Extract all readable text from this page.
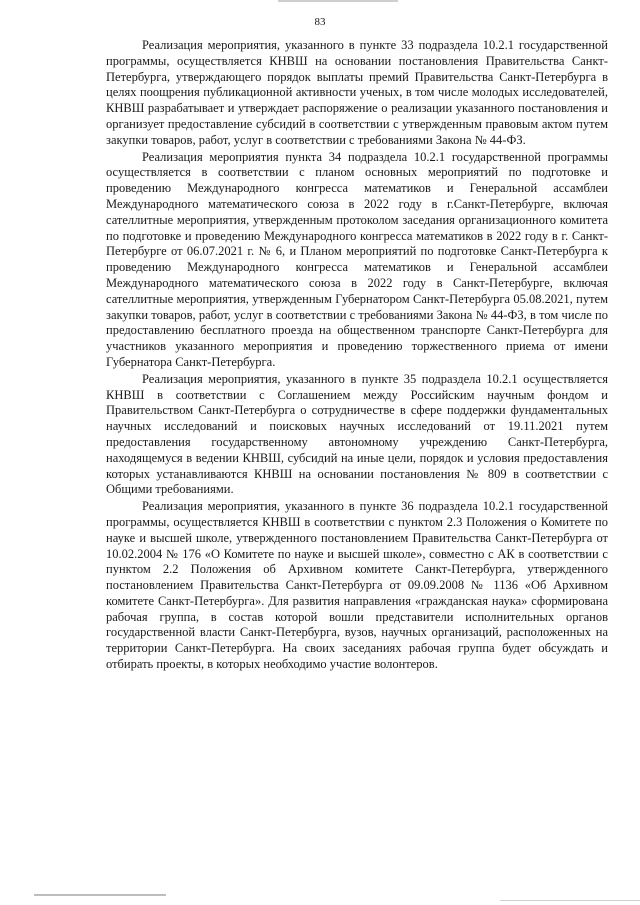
83

Реализация мероприятия, указанного в пункте 33 подраздела 10.2.1 государственной программы, осуществляется КНВШ на основании постановления Правительства Санкт-Петербурга, утверждающего порядок выплаты премий Правительства Санкт-Петербурга в целях поощрения публикационной активности ученых, в том числе молодых исследователей, КНВШ разрабатывает и утверждает распоряжение о реализации указанного постановления и организует предоставление субсидий в соответствии с утвержденным правовым актом путем закупки товаров, работ, услуг в соответствии с требованиями Закона № 44-ФЗ.

Реализация мероприятия пункта 34 подраздела 10.2.1 государственной программы осуществляется в соответствии с планом основных мероприятий по подготовке и проведению Международного конгресса математиков и Генеральной ассамблеи Международного математического союза в 2022 году в г.Санкт-Петербурге, включая сателлитные мероприятия, утвержденным протоколом заседания организационного комитета по подготовке и проведению Международного конгресса математиков в 2022 году в г. Санкт-Петербурге от 06.07.2021 г. № 6, и Планом мероприятий по подготовке Санкт-Петербурга к проведению Международного конгресса математиков и Генеральной ассамблеи Международного математического союза в 2022 году в Санкт-Петербурге, включая сателлитные мероприятия, утвержденным Губернатором Санкт-Петербурга 05.08.2021, путем закупки товаров, работ, услуг в соответствии с требованиями Закона № 44-ФЗ, в том числе по предоставлению бесплатного проезда на общественном транспорте Санкт-Петербурга для участников указанного мероприятия и проведению торжественного приема от имени Губернатора Санкт-Петербурга.

Реализация мероприятия, указанного в пункте 35 подраздела 10.2.1 осуществляется КНВШ в соответствии с Соглашением между Российским научным фондом и Правительством Санкт-Петербурга о сотрудничестве в сфере поддержки фундаментальных научных исследований и поисковых научных исследований от 19.11.2021 путем предоставления государственному автономному учреждению Санкт-Петербурга, находящемуся в ведении КНВШ, субсидий на иные цели, порядок и условия предоставления которых устанавливаются КНВШ на основании постановления № 809 в соответствии с Общими требованиями.

Реализация мероприятия, указанного в пункте 36 подраздела 10.2.1 государственной программы, осуществляется КНВШ в соответствии с пунктом 2.3 Положения о Комитете по науке и высшей школе, утвержденного постановлением Правительства Санкт-Петербурга от 10.02.2004 № 176 «О Комитете по науке и высшей школе», совместно с АК в соответствии с пунктом 2.2 Положения об Архивном комитете Санкт-Петербурга, утвержденного постановлением Правительства Санкт-Петербурга от 09.09.2008 № 1136 «Об Архивном комитете Санкт-Петербурга». Для развития направления «гражданская наука» сформирована рабочая группа, в состав которой вошли представители исполнительных органов государственной власти Санкт-Петербурга, вузов, научных организаций, расположенных на территории Санкт-Петербурга. На своих заседаниях рабочая группа будет обсуждать и отбирать проекты, в которых необходимо участие волонтеров.
